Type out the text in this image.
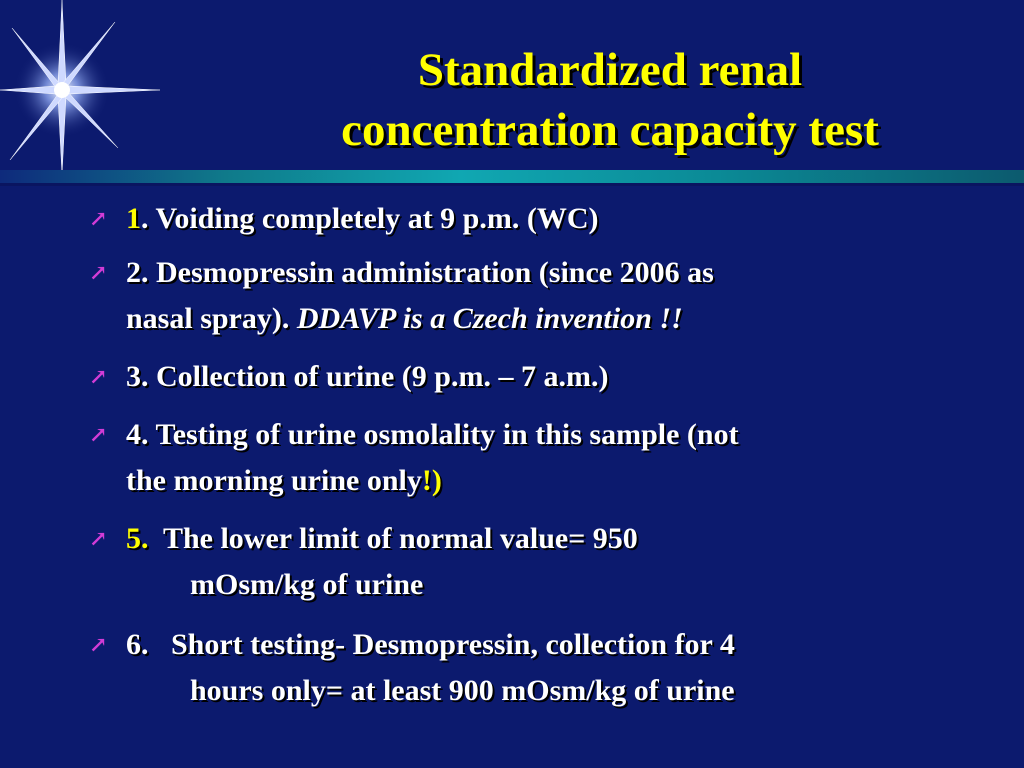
Standardized renal
concentration capacity test
↗ 1. Voiding completely at 9 p.m. (WC)
↗ 2. Desmopressin administration (since 2006 as
nasal spray). DDAVP is a Czech invention !!
↗ 3. Collection of urine (9 p.m. – 7 a.m.)
↗ 4. Testing of urine osmolality in this sample (not
the morning urine only!)
↗ 5.  The lower limit of normal value= 950
mOsm/kg of urine
↗ 6.   Short testing- Desmopressin, collection for 4
hours only= at least 900 mOsm/kg of urine
